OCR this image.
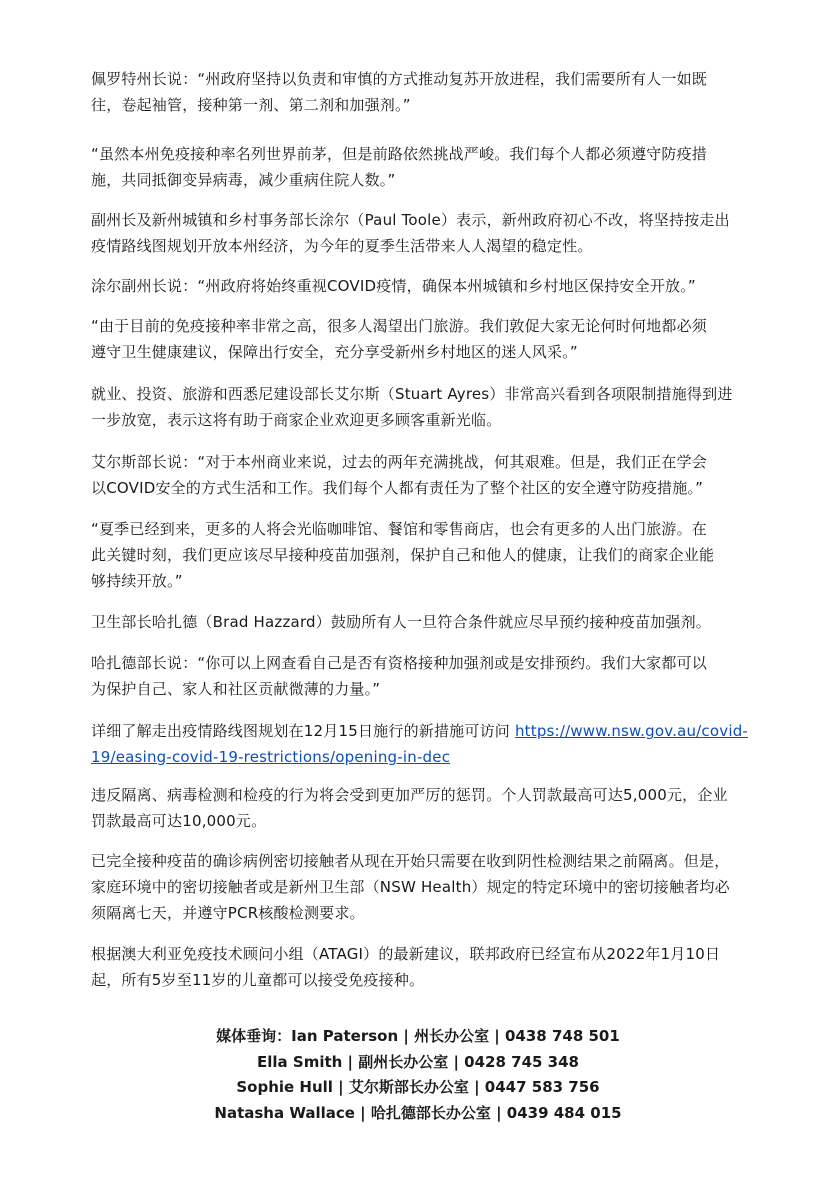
佩罗特州长说：“州政府坚持以负责和审慎的方式推动复苏开放进程，我们需要所有人一如既
往，卷起袖管，接种第一剂、第二剂和加强剂。”

“虽然本州免疫接种率名列世界前茅，但是前路依然挑战严峻。我们每个人都必须遵守防疫措
施，共同抵御变异病毒，减少重病住院人数。”

副州长及新州城镇和乡村事务部长涂尔（Paul Toole）表示，新州政府初心不改，将坚持按走出
疫情路线图规划开放本州经济，为今年的夏季生活带来人人渴望的稳定性。

涂尔副州长说：“州政府将始终重视COVID疫情，确保本州城镇和乡村地区保持安全开放。”

“由于目前的免疫接种率非常之高，很多人渴望出门旅游。我们敦促大家无论何时何地都必须
遵守卫生健康建议，保障出行安全，充分享受新州乡村地区的迷人风采。”

就业、投资、旅游和西悉尼建设部长艾尔斯（Stuart Ayres）非常高兴看到各项限制措施得到进
一步放宽，表示这将有助于商家企业欢迎更多顾客重新光临。

艾尔斯部长说：“对于本州商业来说，过去的两年充满挑战，何其艰难。但是，我们正在学会
以COVID安全的方式生活和工作。我们每个人都有责任为了整个社区的安全遵守防疫措施。”

“夏季已经到来，更多的人将会光临咖啡馆、餐馆和零售商店，也会有更多的人出门旅游。在
此关键时刻，我们更应该尽早接种疫苗加强剂，保护自己和他人的健康，让我们的商家企业能
够持续开放。”

卫生部长哈扎德（Brad Hazzard）鼓励所有人一旦符合条件就应尽早预约接种疫苗加强剂。

哈扎德部长说：“你可以上网查看自己是否有资格接种加强剂或是安排预约。我们大家都可以
为保护自己、家人和社区贡献微薄的力量。”

详细了解走出疫情路线图规划在12月15日施行的新措施可访问 https://www.nsw.gov.au/covid-
19/easing-covid-19-restrictions/opening-in-dec

违反隔离、病毒检测和检疫的行为将会受到更加严厉的惩罚。个人罚款最高可达5,000元，企业
罚款最高可达10,000元。

已完全接种疫苗的确诊病例密切接触者从现在开始只需要在收到阴性检测结果之前隔离。但是，
家庭环境中的密切接触者或是新州卫生部（NSW Health）规定的特定环境中的密切接触者均必
须隔离七天，并遵守PCR核酸检测要求。

根据澳大利亚免疫技术顾问小组（ATAGI）的最新建议，联邦政府已经宣布从2022年1月10日
起，所有5岁至11岁的儿童都可以接受免疫接种。

媒体垂询：Ian Paterson | 州长办公室 | 0438 748 501
Ella Smith | 副州长办公室 | 0428 745 348
Sophie Hull | 艾尔斯部长办公室 | 0447 583 756
Natasha Wallace | 哈扎德部长办公室 | 0439 484 015
